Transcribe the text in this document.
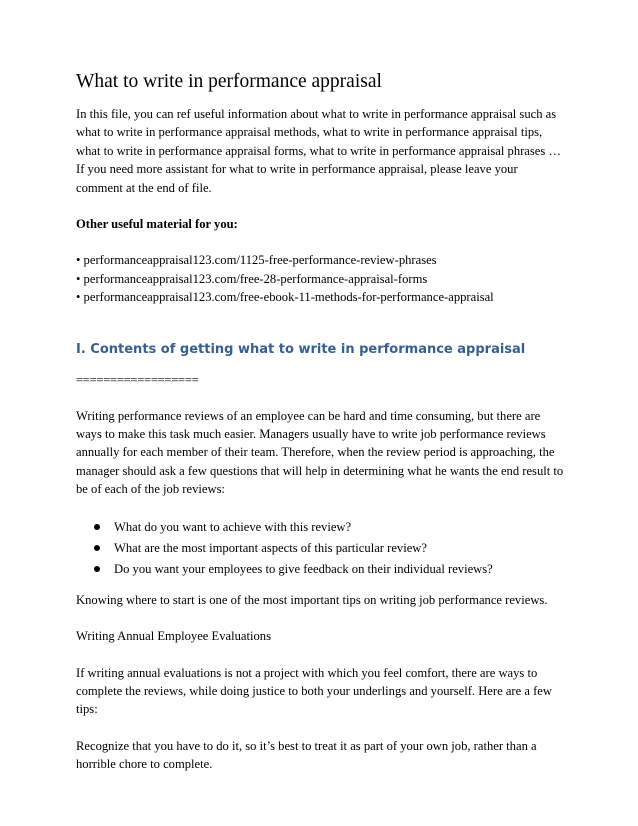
What to write in performance appraisal

In this file, you can ref useful information about what to write in performance appraisal such as

what to write in performance appraisal methods, what to write in performance appraisal tips,

what to write in performance appraisal forms, what to write in performance appraisal phrases …

If you need more assistant for what to write in performance appraisal, please leave your

comment at the end of file.

Other useful material for you:

• performanceappraisal123.com/1125-free-performance-review-phrases
• performanceappraisal123.com/free-28-performance-appraisal-forms
• performanceappraisal123.com/free-ebook-11-methods-for-performance-appraisal
I. Contents of getting what to write in performance appraisal
==================

Writing performance reviews of an employee can be hard and time consuming, but there are

ways to make this task much easier. Managers usually have to write job performance reviews

annually for each member of their team. Therefore, when the review period is approaching, the

manager should ask a few questions that will help in determining what he wants the end result to

be of each of the job reviews:

What do you want to achieve with this review?
What are the most important aspects of this particular review?
Do you want your employees to give feedback on their individual reviews?

Knowing where to start is one of the most important tips on writing job performance reviews.

Writing Annual Employee Evaluations

If writing annual evaluations is not a project with which you feel comfort, there are ways to

complete the reviews, while doing justice to both your underlings and yourself. Here are a few

tips:

Recognize that you have to do it, so it’s best to treat it as part of your own job, rather than a

horrible chore to complete.
